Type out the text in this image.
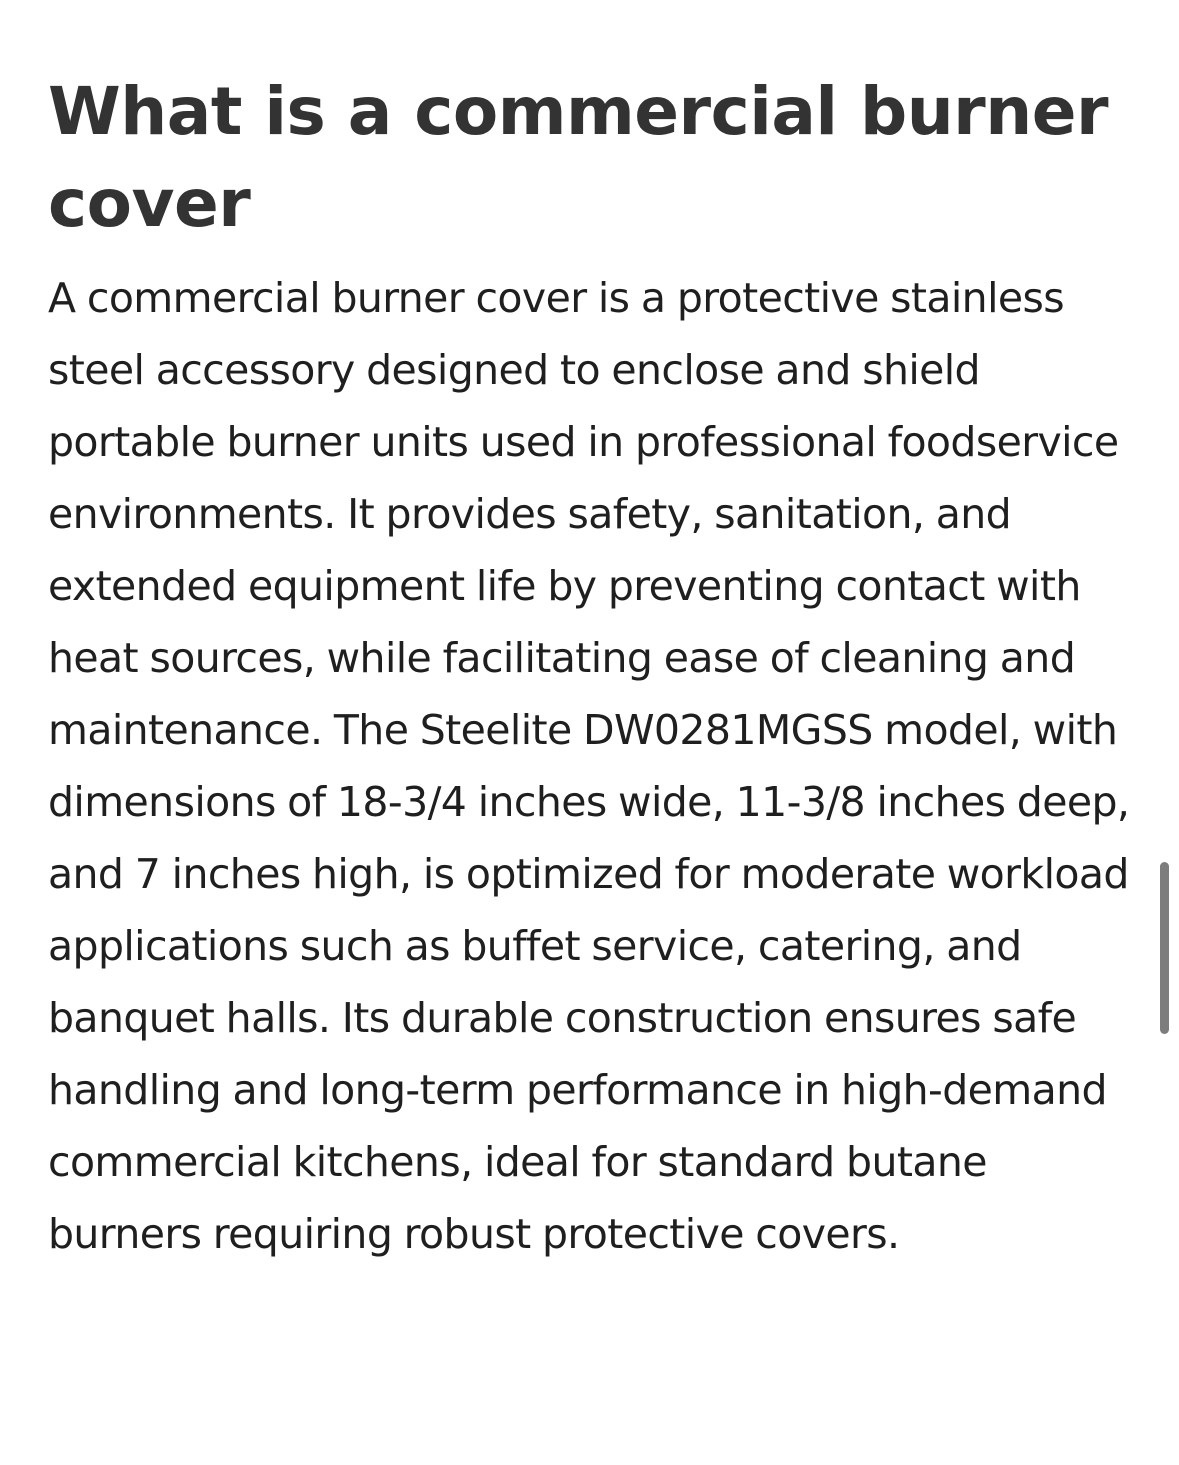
What is a commercial burner cover

A commercial burner cover is a protective stainless steel accessory designed to enclose and shield portable burner units used in professional foodservice environments. It provides safety, sanitation, and extended equipment life by preventing contact with heat sources, while facilitating ease of cleaning and maintenance. The Steelite DW0281MGSS model, with dimensions of 18-3/4 inches wide, 11-3/8 inches deep, and 7 inches high, is optimized for moderate workload applications such as buffet service, catering, and banquet halls. Its durable construction ensures safe handling and long-term performance in high-demand commercial kitchens, ideal for standard butane burners requiring robust protective covers.
